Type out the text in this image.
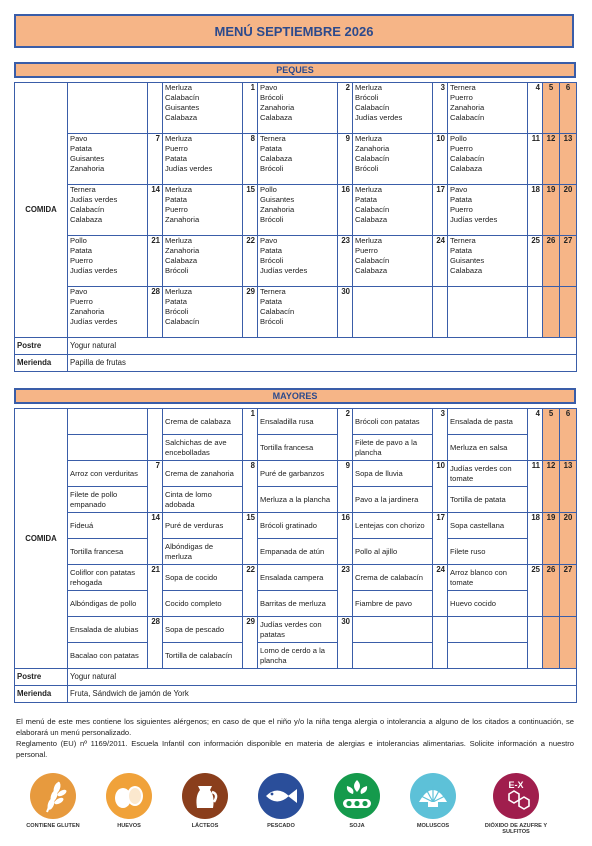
MENÚ SEPTIEMBRE 2026
PEQUES
COMIDA			Merluza
Calabacín
Guisantes
Calabaza	1	Pavo
Brócoli
Zanahoria
Calabaza	2	Merluza
Brócoli
Calabacín
Judías verdes	3	Ternera
Puerro
Zanahoria
Calabacín	4	5	6

	Pavo
Patata
Guisantes
Zanahoria	7	Merluza
Puerro
Patata
Judías verdes	8	Ternera
Patata
Calabaza
Brócoli	9	Merluza
Zanahoria
Calabacín
Brócoli	10	Pollo
Puerro
Calabacín
Calabaza	11	12	13

	Ternera
Judías verdes
Calabacín
Calabaza	14	Merluza
Patata
Puerro
Zanahoria	15	Pollo
Guisantes
Zanahoria
Brócoli	16	Merluza
Patata
Calabacín
Calabaza	17	Pavo
Patata
Puerro
Judías verdes	18	19	20

	Pollo
Patata
Puerro
Judías verdes	21	Merluza
Zanahoria
Calabaza
Brócoli	22	Pavo
Patata
Brócoli
Judías verdes	23	Merluza
Puerro
Calabacín
Calabaza	24	Ternera
Patata
Guisantes
Calabaza	25	26	27

	Pavo
Puerro
Zanahoria
Judías verdes	28	Merluza
Patata
Brócoli
Calabacín	29	Ternera
Patata
Calabacín
Brócoli	30						
Postre	Yogur natural											
Merienda	Papilla de frutas											
MAYORES
COMIDA			Crema de calabaza	1	Ensaladilla rusa	2	Brócoli con patatas	3	Ensalada de pasta	4	5	6
			Salchichas de ave encebolladas		Tortilla francesa		Filete de pavo a la plancha		Merluza en salsa			
	Arroz con verduritas	7	Crema de zanahoria	8	Puré de garbanzos	9	Sopa de lluvia	10	Judías verdes con tomate	11	12	13
	Filete de pollo empanado		Cinta de lomo adobada		Merluza a la plancha		Pavo a la jardinera		Tortilla de patata			
	Fideuá	14	Puré de verduras	15	Brócoli gratinado	16	Lentejas con chorizo	17	Sopa castellana	18	19	20
	Tortilla francesa		Albóndigas de merluza		Empanada de atún		Pollo al ajillo		Filete ruso			
	Coliflor con patatas rehogada	21	Sopa de cocido	22	Ensalada campera	23	Crema de calabacín	24	Arroz blanco con tomate	25	26	27
	Albóndigas de pollo		Cocido completo		Barritas de merluza		Fiambre de pavo		Huevo cocido			
	Ensalada de alubias	28	Sopa de pescado	29	Judías verdes con patatas	30						
	Bacalao con patatas		Tortilla de calabacín		Lomo de cerdo a la plancha							
Postre	Yogur natural											
Merienda	Fruta, Sándwich de jamón de York											
El menú de este mes contiene los siguientes alérgenos; en caso de que el niño y/o la niña tenga alergia o intolerancia a alguno de los citados a continuación, se elaborará un menú personalizado.
Reglamento (EU) nº 1169/2011. Escuela Infantil con información disponible en materia de alergias e intolerancias alimentarias. Solicite información a nuestro personal.
CONTIENE GLUTEN	HUEVOS	LÁCTEOS	PESCADO	SOJA	MOLUSCOS
E-X
DIÓXIDO DE AZUFRE Y SULFITOS
